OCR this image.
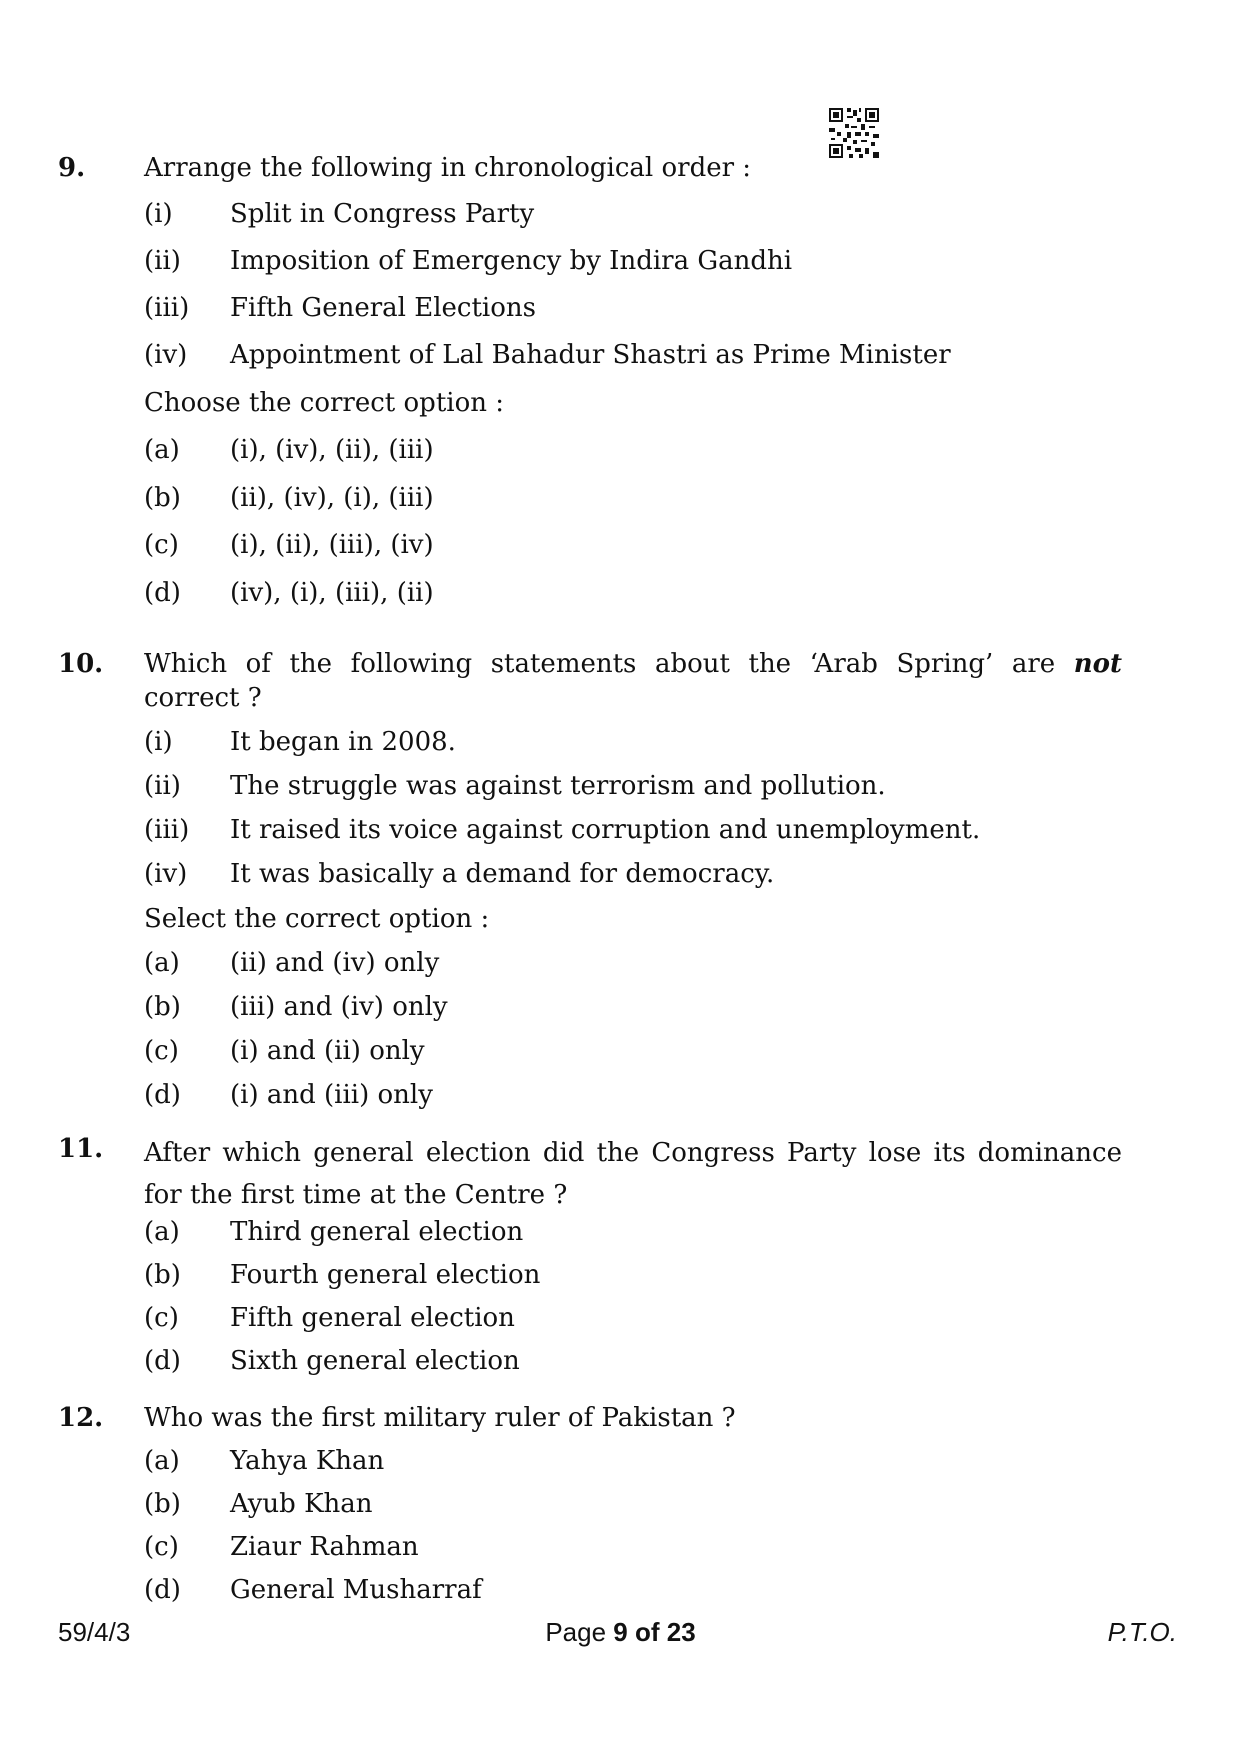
9. Arrange the following in chronological order :
(i) Split in Congress Party
(ii) Imposition of Emergency by Indira Gandhi
(iii) Fifth General Elections
(iv) Appointment of Lal Bahadur Shastri as Prime Minister
Choose the correct option :
(a) (i), (iv), (ii), (iii)
(b) (ii), (iv), (i), (iii)
(c) (i), (ii), (iii), (iv)
(d) (iv), (i), (iii), (ii)
10. Which of the following statements about the ‘Arab Spring’ are not correct ?
(i) It began in 2008.
(ii) The struggle was against terrorism and pollution.
(iii) It raised its voice against corruption and unemployment.
(iv) It was basically a demand for democracy.
Select the correct option :
(a) (ii) and (iv) only
(b) (iii) and (iv) only
(c) (i) and (ii) only
(d) (i) and (iii) only
11. After which general election did the Congress Party lose its dominance for the first time at the Centre ?
(a) Third general election
(b) Fourth general election
(c) Fifth general election
(d) Sixth general election
12. Who was the first military ruler of Pakistan ?
(a) Yahya Khan
(b) Ayub Khan
(c) Ziaur Rahman
(d) General Musharraf
59/4/3	Page 9 of 23	P.T.O.
